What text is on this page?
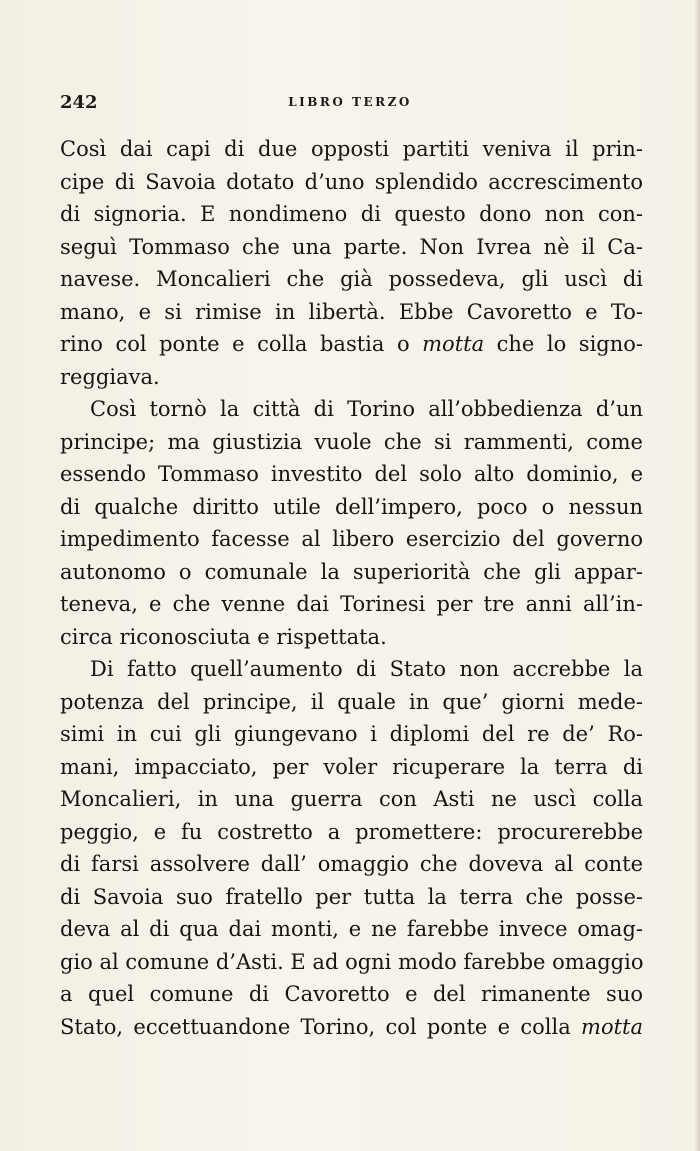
242	LIBRO TERZO
Così dai capi di due opposti partiti veniva il prin-
cipe di Savoia dotato d’uno splendido accrescimento
di signoria. E nondimeno di questo dono non con-
seguì Tommaso che una parte. Non Ivrea nè il Ca-
navese. Moncalieri che già possedeva, gli uscì di
mano, e si rimise in libertà. Ebbe Cavoretto e To-
rino col ponte e colla bastia o motta che lo signo-
reggiava.
Così tornò la città di Torino all’obbedienza d’un
principe; ma giustizia vuole che si rammenti, come
essendo Tommaso investito del solo alto dominio, e
di qualche diritto utile dell’impero, poco o nessun
impedimento facesse al libero esercizio del governo
autonomo o comunale la superiorità che gli appar-
teneva, e che venne dai Torinesi per tre anni all’in-
circa riconosciuta e rispettata.
Di fatto quell’aumento di Stato non accrebbe la
potenza del principe, il quale in que’ giorni mede-
simi in cui gli giungevano i diplomi del re de’ Ro-
mani, impacciato, per voler ricuperare la terra di
Moncalieri, in una guerra con Asti ne uscì colla
peggio, e fu costretto a promettere: procurerebbe
di farsi assolvere dall’ omaggio che doveva al conte
di Savoia suo fratello per tutta la terra che posse-
deva al di qua dai monti, e ne farebbe invece omag-
gio al comune d’Asti. E ad ogni modo farebbe omaggio
a quel comune di Cavoretto e del rimanente suo
Stato, eccettuandone Torino, col ponte e colla motta
